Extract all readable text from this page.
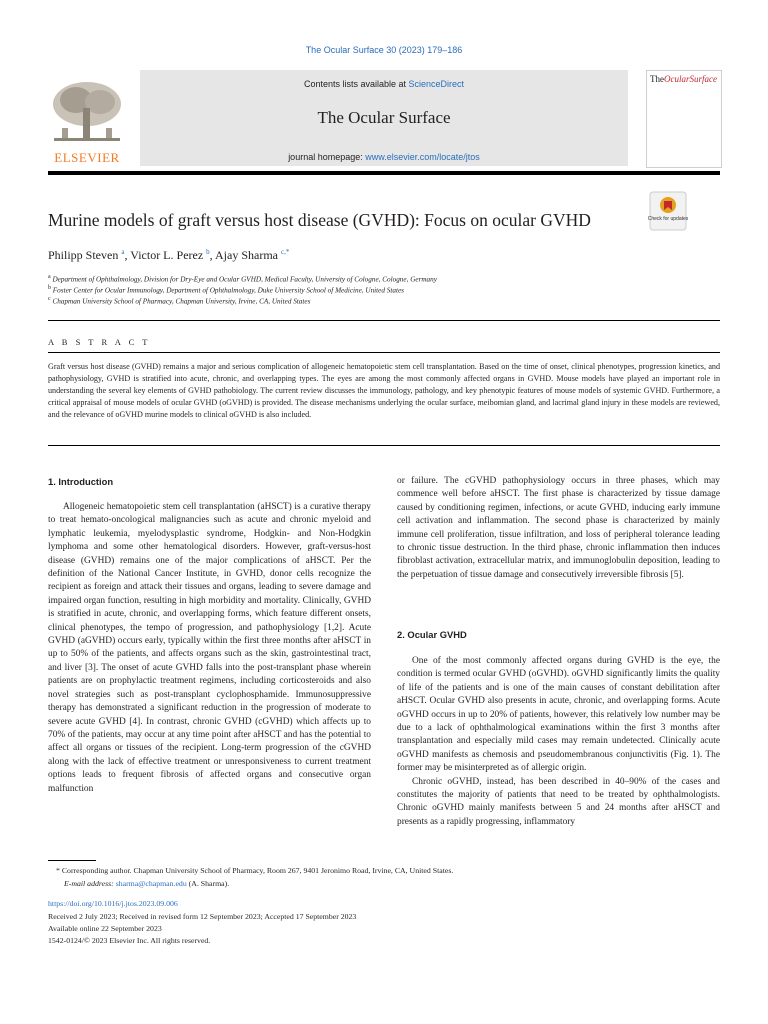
The Ocular Surface 30 (2023) 179–186
Contents lists available at ScienceDirect
The Ocular Surface
journal homepage: www.elsevier.com/locate/jtos
ELSEVIER
TheOcularSurface
Murine models of graft versus host disease (GVHD): Focus on ocular GVHD	Check for updates
Philipp Steven $^a$, Victor L. Perez $^b$, Ajay Sharma $^{c,*}$
$^a$ Department of Ophthalmology, Division for Dry-Eye and Ocular GVHD, Medical Faculty, University of Cologne, Cologne, Germany
$^b$ Foster Center for Ocular Immunology, Department of Ophthalmology, Duke University School of Medicine, United States
$^c$ Chapman University School of Pharmacy, Chapman University, Irvine, CA, United States
A B S T R A C T
Graft versus host disease (GVHD) remains a major and serious complication of allogeneic hematopoietic stem cell transplantation. Based on the time of onset, clinical phenotypes, progression kinetics, and pathophysiology, GVHD is stratified into acute, chronic, and overlapping types. The eyes are among the most commonly affected organs in GVHD. Mouse models have played an important role in understanding the several key elements of GVHD pathobiology. The current review discusses the immunology, pathology, and key phenotypic features of mouse models of systemic GVHD. Furthermore, a critical appraisal of mouse models of ocular GVHD (oGVHD) is provided. The disease mechanisms underlying the ocular surface, meibomian gland, and lacrimal gland injury in these models are reviewed, and the relevance of oGVHD murine models to clinical oGVHD is also included.
1. Introduction

Allogeneic hematopoietic stem cell transplantation (aHSCT) is a curative therapy to treat hemato-oncological malignancies such as acute and chronic myeloid and lymphatic leukemia, myelodysplastic syndrome, Hodgkin- and Non-Hodgkin lymphoma and some other hematological disorders. However, graft-versus-host disease (GVHD) remains one of the major complications of aHSCT. Per the definition of the National Cancer Institute, in GVHD, donor cells recognize the recipient as foreign and attack their tissues and organs, leading to severe damage and impaired organ function, resulting in high morbidity and mortality. Clinically, GVHD is stratified in acute, chronic, and overlapping forms, which feature different onsets, clinical phenotypes, the tempo of progression, and pathophysiology [1,2]. Acute GVHD (aGVHD) occurs early, typically within the first three months after aHSCT in up to 50% of the patients, and affects organs such as the skin, gastrointestinal tract, and liver [3]. The onset of acute GVHD falls into the post-transplant phase wherein patients are on prophylactic treatment regimens, including corticosteroids and also novel strategies such as post-transplant cyclophosphamide. Immunosuppressive therapy has demonstrated a significant reduction in the progression of moderate to severe acute GVHD [4]. In contrast, chronic GVHD (cGVHD) which affects up to 70% of the patients, may occur at any time point after aHSCT and has the potential to affect all organs or tissues of the recipient. Long-term progression of the cGVHD along with the lack of effective treatment or unresponsiveness to current treatment options leads to frequent fibrosis of affected organs and consecutive organ malfunction

or failure. The cGVHD pathophysiology occurs in three phases, which may commence well before aHSCT. The first phase is characterized by tissue damage caused by conditioning regimen, infections, or acute GVHD, inducing early immune cell activation and inflammation. The second phase is characterized by mainly immune cell proliferation, tissue infiltration, and loss of peripheral tolerance leading to chronic tissue destruction. In the third phase, chronic inflammation then induces fibroblast activation, extracellular matrix, and immunoglobulin deposition, leading to the perpetuation of tissue damage and consecutively irreversible fibrosis [5].

2. Ocular GVHD

One of the most commonly affected organs during GVHD is the eye, the condition is termed ocular GVHD (oGVHD). oGVHD significantly limits the quality of life of the patients and is one of the main causes of constant debilitation after aHSCT. Ocular GVHD also presents in acute, chronic, and overlapping forms. Acute oGVHD occurs in up to 20% of patients, however, this relatively low number may be due to a lack of ophthalmological examinations within the first 3 months after transplantation and especially mild cases may remain undetected. Clinically acute oGVHD manifests as chemosis and pseudomembranous conjunctivitis (Fig. 1). The former may be misinterpreted as of allergic origin.

Chronic oGVHD, instead, has been described in 40–90% of the cases and constitutes the majority of patients that need to be treated by ophthalmologists. Chronic oGVHD mainly manifests between 5 and 24 months after aHSCT and presents as a rapidly progressing, inflammatory

* Corresponding author. Chapman University School of Pharmacy, Room 267, 9401 Jeronimo Road, Irvine, CA, United States.
E-mail address: sharma@chapman.edu (A. Sharma).
https://doi.org/10.1016/j.jtos.2023.09.006
Received 2 July 2023; Received in revised form 12 September 2023; Accepted 17 September 2023
Available online 22 September 2023
1542-0124/© 2023 Elsevier Inc. All rights reserved.
